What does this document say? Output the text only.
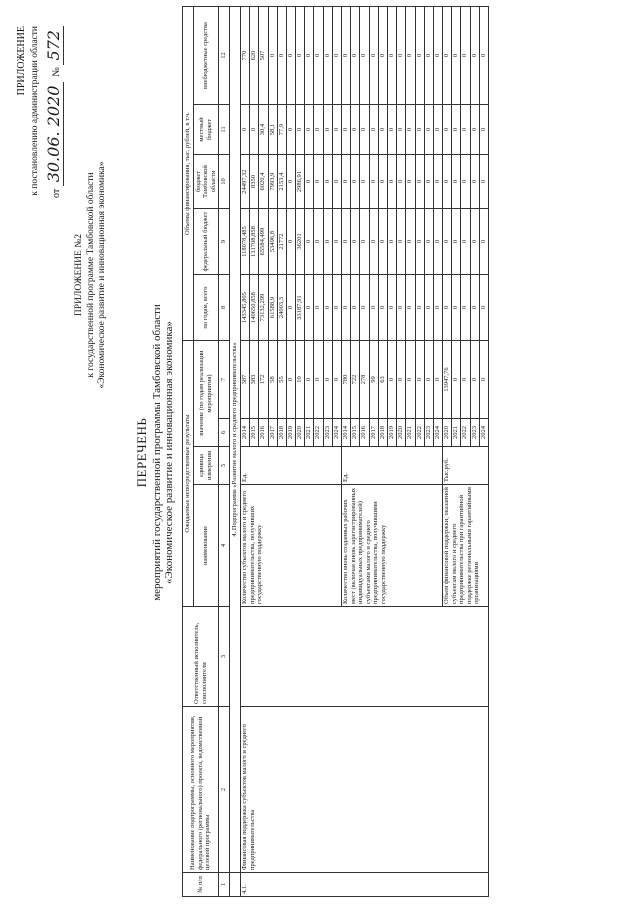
ПРИЛОЖЕНИЕ к постановлению администрации области	от 30.06. 2020  № 572
ПРИЛОЖЕНИЕ №2 к государственной программе Тамбовской области «Экономическое развитие и инновационная экономика»
ПЕРЕЧЕНЬ мероприятий государственной программы Тамбовской области «Экономическое развитие и инновационная экономика»
№ п/п	Наименование подпрограммы, основного мероприятия, федерального (регионального) проекта, ведомственной целевой программы	Ответственный исполнитель, соисполнители	Ожидаемые непосредственные результаты				Объемы финансирования, тыс. рублей, в т.ч.				
			наименование	единица измерения	значение (по годам реализации мероприятия)		по годам, всего	федеральный бюджет	бюджет Тамбовской области	местный бюджет	внебюджетные средства
1	2	3	4	5	6	7	8	9	10	11	12
	4. Подпрограмма «Развитие малого и среднего предпринимательства»										
4.1.	Финансовая поддержка субъектов малого и среднего предпринимательства		Количество субъектов малого и среднего предпринимательства, получивших государственную поддержку	Ед.	2014	387	143345,805	118078,485	24497,32	0	770
					2015	383	140650,858	131708,858	8350	0	620
					2016	172	73132,299	65584,499	6020,4	30,4	507
					2017	58	61588,9	53496,8	7993,9	58,1	0
					2018	55	24003,3	21772	2153,4	77,9	0
					2019	0	0	0	0	0	0
					2020	10	33187,91	36201	2986,91	0	0
					2021	0	0	0	0	0	0
					2022	0	0	0	0	0	0
					2023	0	0	0	0	0	0
					2024	0	0	0	0	0	0
			Количество вновь созданных рабочих мест (включая вновь зарегистрированных индивидуальных предпринимателей) субъектами малого и среднего предпринимательства, получившими государственную поддержку	Ед.	2014	780	0	0	0	0	0
					2015	722	0	0	0	0	0
					2016	278	0	0	0	0	0
					2017	99	0	0	0	0	0
					2018	63	0	0	0	0	0
					2019	0	0	0	0	0	0
					2020	0	0	0	0	0	0
					2021	0	0	0	0	0	0
					2022	0	0	0	0	0	0
					2023	0	0	0	0	0	0
					2024	0	0	0	0	0	0
			Объем финансовой поддержки, оказанной субъектам малого и среднего предпринимательства при гарантийной поддержке региональными гарантийными организациями	Тыс.руб.	2020	13947,76	0	0	0	0	0
					2021	0	0	0	0	0	0
					2022	0	0	0	0	0	0
					2023	0	0	0	0	0	0
					2024	0	0	0	0	0	0
